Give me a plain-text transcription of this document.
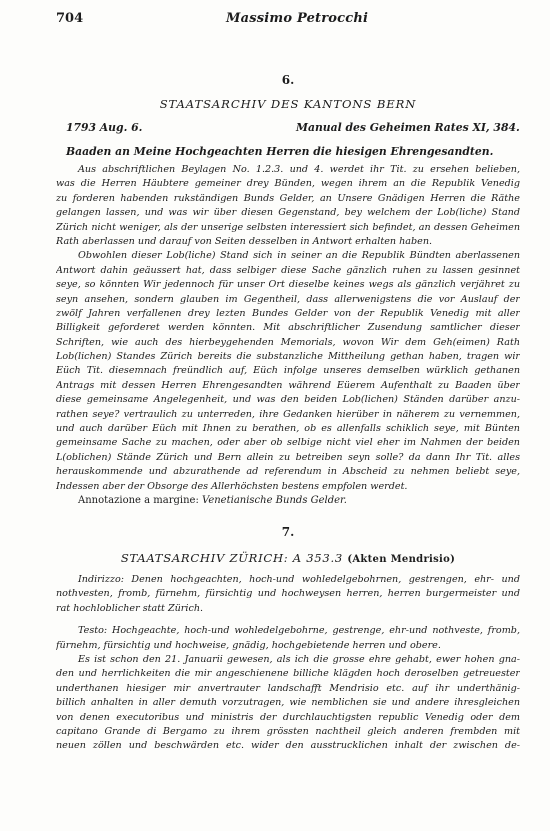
704	Massimo Petrocchi
6.
STAATSARCHIV DES KANTONS BERN
1793 Aug. 6.	Manual des Geheimen Rates XI, 384.
Baaden an Meine Hochgeachten Herren die hiesigen Ehrengesandten.
Aus abschriftlichen Beylagen No. 1.2.3. und 4. werdet ihr Tit. zu ersehen belieben,
was die Herren Häubtere gemeiner drey Bünden, wegen ihrem an die Republik Venedig
zu forderen habenden rukständigen Bunds Gelder, an Unsere Gnädigen Herren die Räthe
gelangen lassen, und was wir über diesen Gegenstand, bey welchem der Lob(liche) Stand
Zürich nicht weniger, als der unserige selbsten interessiert sich befindet, an dessen Geheimen
Rath aberlassen und darauf von Seiten desselben in Antwort erhalten haben.
Obwohlen dieser Lob(liche) Stand sich in seiner an die Republik Bündten aberlassenen
Antwort dahin geäussert hat, dass selbiger diese Sache gänzlich ruhen zu lassen gesinnet
seye, so könnten Wir jedennoch für unser Ort dieselbe keines wegs als gänzlich verjähret zu
seyn ansehen, sondern glauben im Gegentheil, dass allerwenigstens die vor Auslauf der
zwölf Jahren verfallenen drey lezten Bundes Gelder von der Republik Venedig mit aller
Billigkeit geforderet werden könnten. Mit abschriftlicher Zusendung samtlicher dieser
Schriften, wie auch des hierbeygehenden Memorials, wovon Wir dem Geh(eimen) Rath
Lob(lichen) Standes Zürich bereits die substanzliche Mittheilung gethan haben, tragen wir
Eüch Tit. diesemnach freündlich auf, Eüch infolge unseres demselben würklich gethanen
Antrags mit dessen Herren Ehrengesandten während Eüerem Aufenthalt zu Baaden über
diese gemeinsame Angelegenheit, und was den beiden Lob(lichen) Ständen darüber anzu-
rathen seye? vertraulich zu unterreden, ihre Gedanken hierüber in näherem zu vernemmen,
und auch darüber Eüch mit Ihnen zu berathen, ob es allenfalls schiklich seye, mit Bünten
gemeinsame Sache zu machen, oder aber ob selbige nicht viel eher im Nahmen der beiden
L(oblichen) Stände Zürich und Bern allein zu betreiben seyn solle? da dann Ihr Tit. alles
herauskommende und abzurathende ad referendum in Abscheid zu nehmen beliebt seye,
Indessen aber der Obsorge des Allerhöchsten bestens empfolen werdet.
Annotazione a margine: Venetianische Bunds Gelder.
7.
STAATSARCHIV ZÜRICH: A 353.3 (Akten Mendrisio)
Indirizzo: Denen hochgeachten, hoch-und wohledelgebohrnen, gestrengen, ehr- und
nothvesten, fromb, fürnehm, fürsichtig und hochweysen herren, herren burgermeister und
rat hochloblicher statt Zürich.
Testo: Hochgeachte, hoch-und wohledelgebohrne, gestrenge, ehr-und nothveste, fromb,
fürnehm, fürsichtig und hochweise, gnädig, hochgebietende herren und obere.
Es ist schon den 21. Januarii gewesen, als ich die grosse ehre gehabt, ewer hohen gna-
den und herrlichkeiten die mir angeschienene billiche klägden hoch deroselben getreuester
underthanen hiesiger mir anvertrauter landschafft Mendrisio etc. auf ihr underthänig-
billich anhalten in aller demuth vorzutragen, wie nemblichen sie und andere ihresgleichen
von denen executoribus und ministris der durchlauchtigsten republic Venedig oder dem
capitano Grande di Bergamo zu ihrem grössten nachtheil gleich anderen frembden mit
neuen zöllen und beschwärden etc. wider den ausstrucklichen inhalt der zwischen de-
